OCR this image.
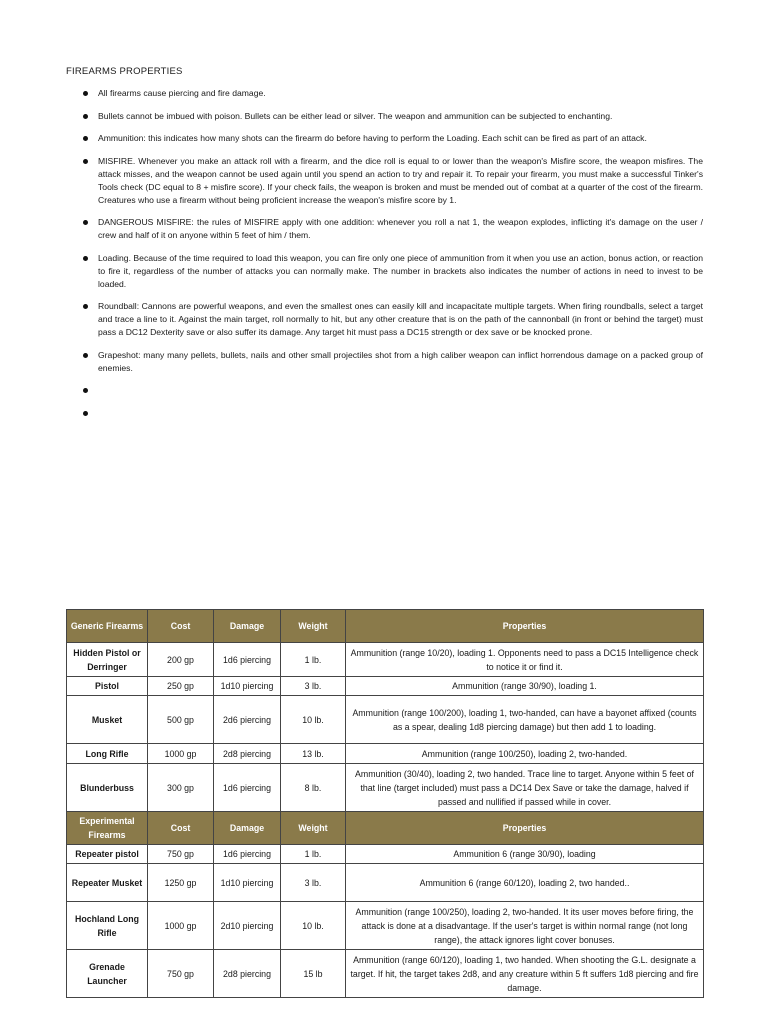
FIREARMS PROPERTIES
All firearms cause piercing and fire damage.
Bullets cannot be imbued with poison. Bullets can be either lead or silver. The weapon and ammunition can be subjected to enchanting.
Ammunition: this indicates how many shots can the firearm do before having to perform the Loading. Each schit can be fired as part of an attack.
MISFIRE. Whenever you make an attack roll with a firearm, and the dice roll is equal to or lower than the weapon's Misfire score, the weapon misfires. The attack misses, and the weapon cannot be used again until you spend an action to try and repair it. To repair your firearm, you must make a successful Tinker's Tools check (DC equal to 8 + misfire score). If your check fails, the weapon is broken and must be mended out of combat at a quarter of the cost of the firearm. Creatures who use a firearm without being proficient increase the weapon's misfire score by 1.
DANGEROUS MISFIRE: the rules of MISFIRE apply with one addition: whenever you roll a nat 1, the weapon explodes, inflicting it's damage on the user / crew and half of it on anyone within 5 feet of him / them.
Loading. Because of the time required to load this weapon, you can fire only one piece of ammunition from it when you use an action, bonus action, or reaction to fire it, regardless of the number of attacks you can normally make. The number in brackets also indicates the number of actions in need to invest to be loaded.
Roundball: Cannons are powerful weapons, and even the smallest ones can easily kill and incapacitate multiple targets. When firing roundballs, select a target and trace a line to it. Against the main target, roll normally to hit, but any other creature that is on the path of the cannonball (in front or behind the target) must pass a DC12 Dexterity save or also suffer its damage. Any target hit must pass a DC15 strength or dex save or be knocked prone.
Grapeshot: many many pellets, bullets, nails and other small projectiles shot from a high caliber weapon can inflict horrendous damage on a packed group of enemies.
Generic Firearms	Cost	Damage	Weight	Properties
Hidden Pistol or Derringer	200 gp	1d6 piercing	1 lb.	Ammunition (range 10/20), loading 1. Opponents need to pass a DC15 Intelligence check to notice it or find it.
Pistol	250 gp	1d10 piercing	3 lb.	Ammunition (range 30/90), loading 1.
Musket	500 gp	2d6 piercing	10 lb.	Ammunition (range 100/200), loading 1, two-handed, can have a bayonet affixed (counts as a spear, dealing 1d8 piercing damage) but then add 1 to loading.
Long Rifle	1000 gp	2d8 piercing	13 lb.	Ammunition (range 100/250), loading 2, two-handed.
Blunderbuss	300 gp	1d6 piercing	8 lb.	Ammunition (30/40), loading 2, two handed. Trace line to target. Anyone within 5 feet of that line (target included) must pass a DC14 Dex Save or take the damage, halved if passed and nullified if passed while in cover.
Experimental Firearms	Cost	Damage	Weight	Properties
Repeater pistol	750 gp	1d6 piercing	1 lb.	Ammunition 6 (range 30/90), loading
Repeater Musket	1250 gp	1d10 piercing	3 lb.	Ammunition 6 (range 60/120), loading 2, two handed..
Hochland Long Rifle	1000 gp	2d10 piercing	10 lb.	Ammunition (range 100/250), loading 2, two-handed. It its user moves before firing, the attack is done at a disadvantage. If the user's target is within normal range (not long range), the attack ignores light cover bonuses.
Grenade Launcher	750 gp	2d8 piercing	15 lb	Ammunition (range 60/120), loading 1, two handed. When shooting the G.L. designate a target. If hit, the target takes 2d8, and any creature within 5 ft suffers 1d8 piercing and fire damage.
